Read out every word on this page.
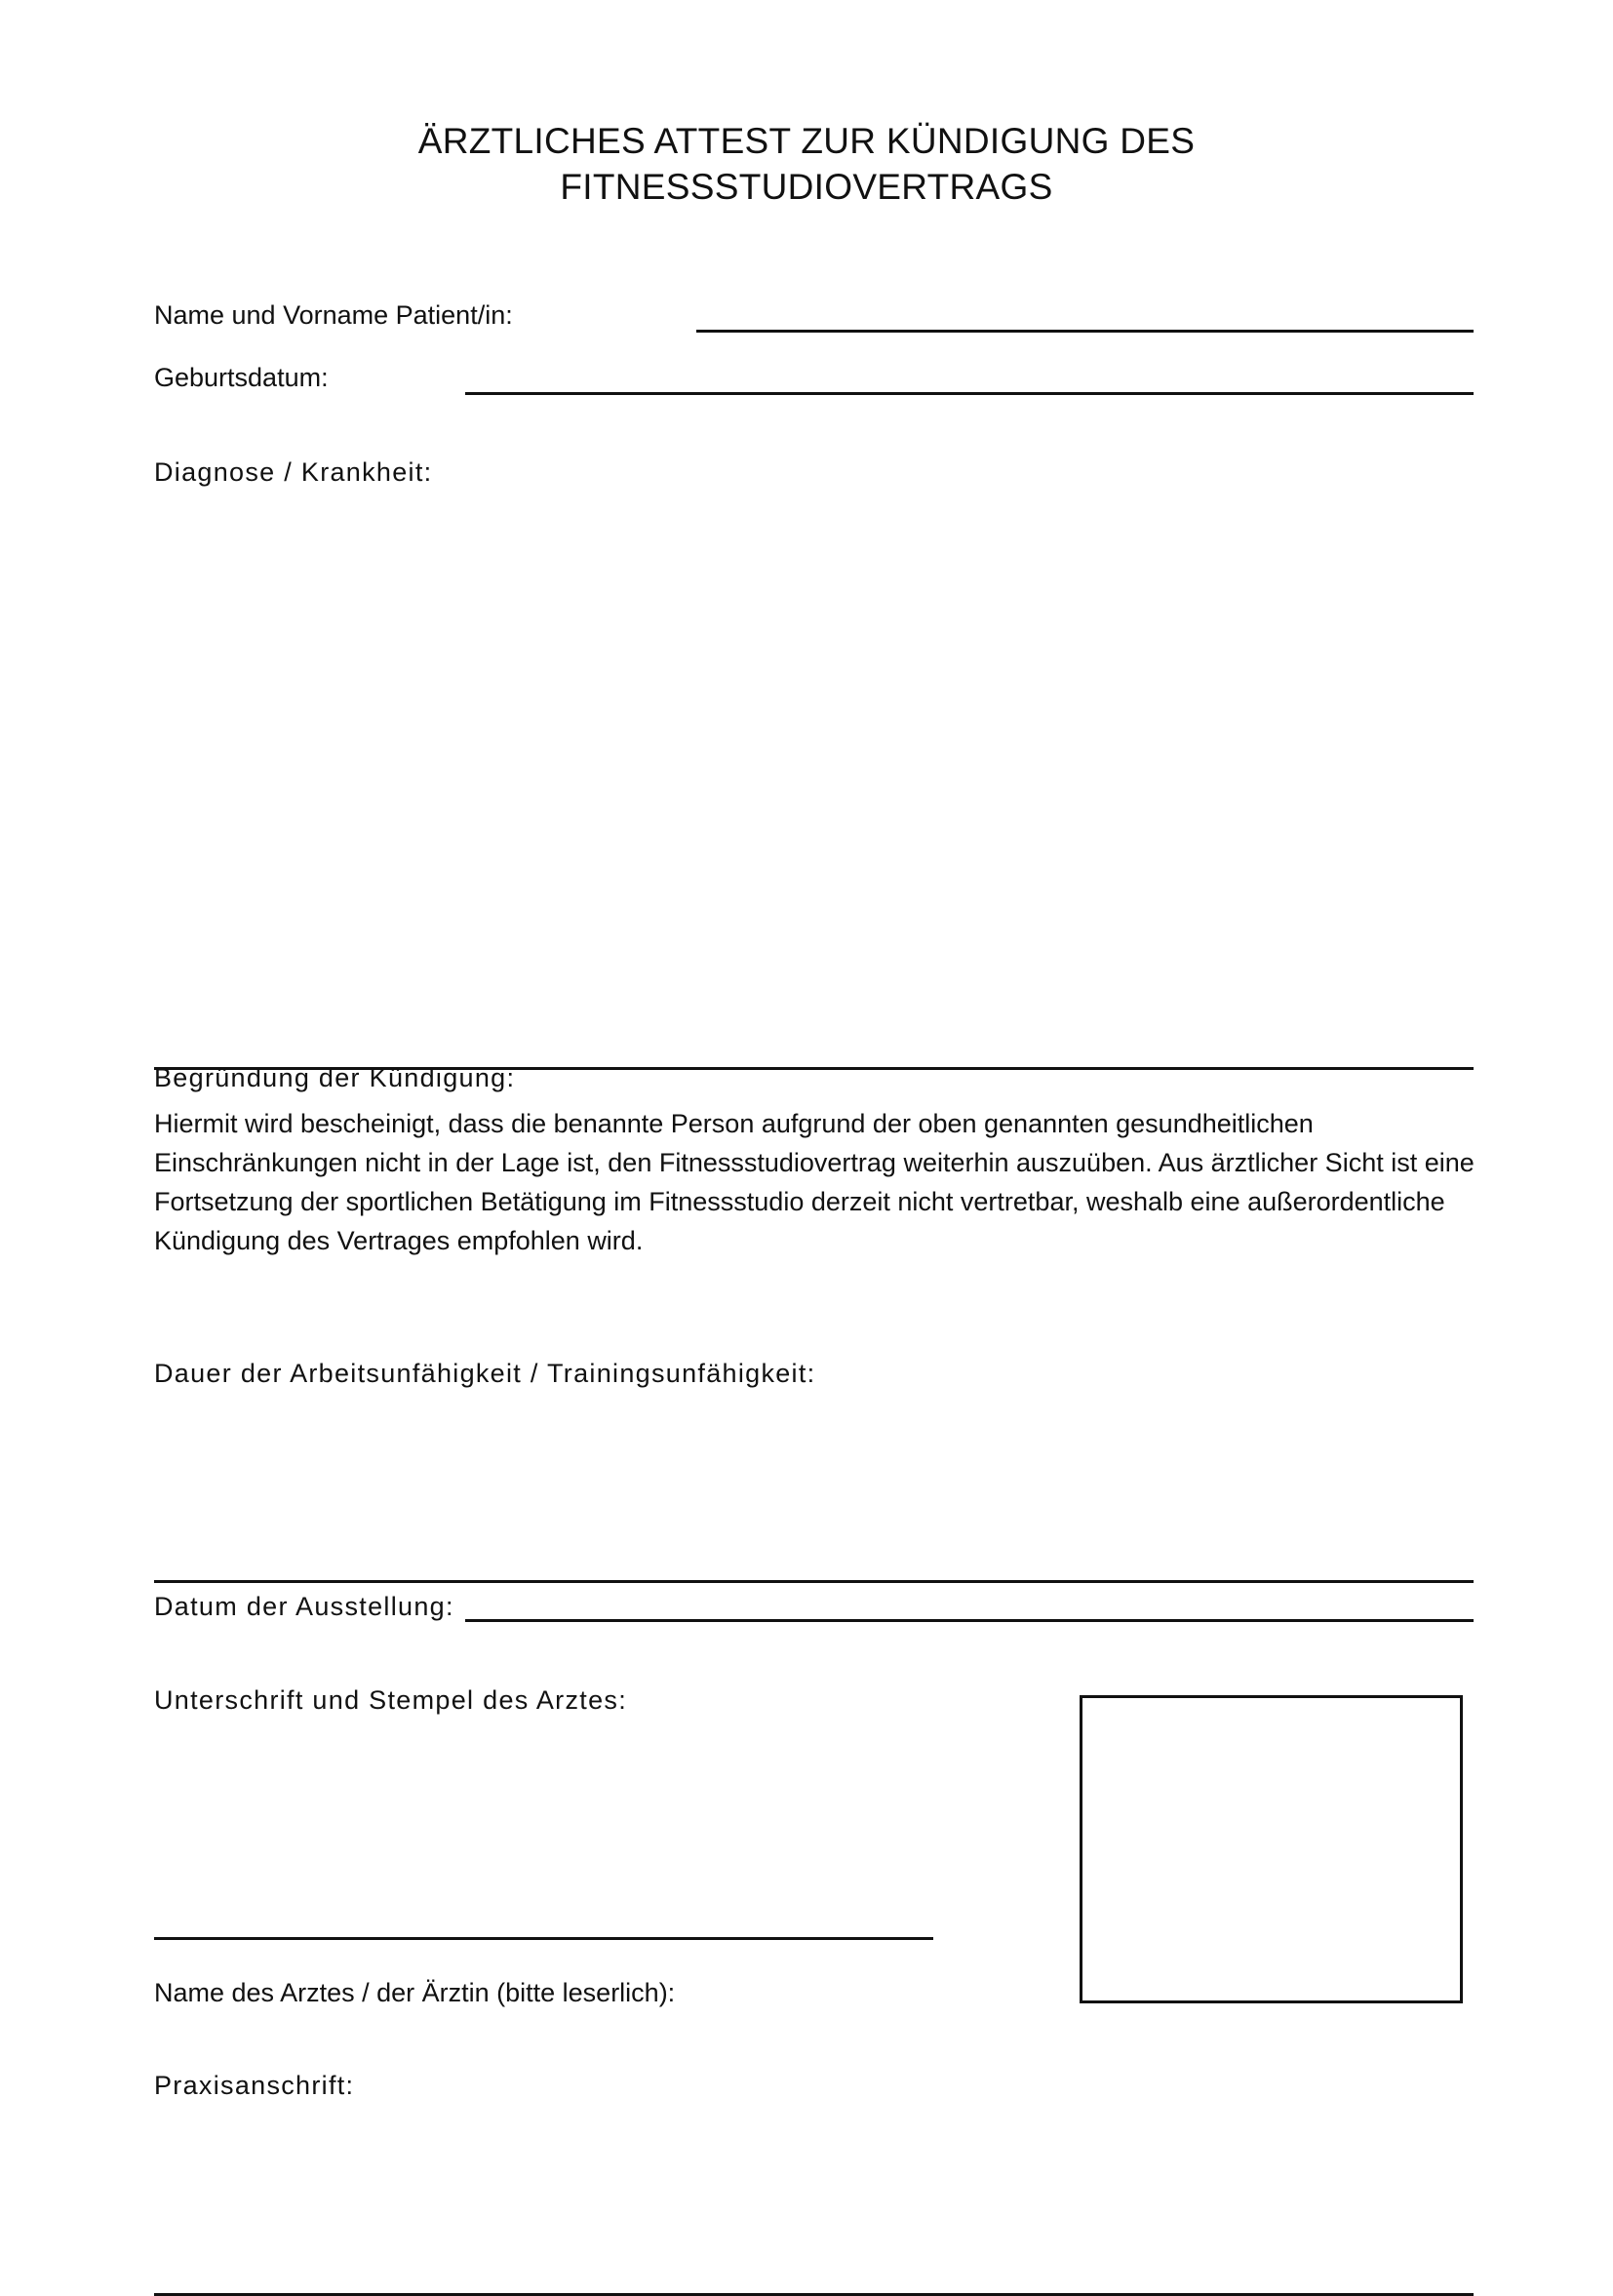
ÄRZTLICHES ATTEST ZUR KÜNDIGUNG DES
FITNESSSTUDIOVERTRAGS
Name und Vorname Patient/in:
Geburtsdatum:
Diagnose / Krankheit:
Begründung der Kündigung:
Hiermit wird bescheinigt, dass die benannte Person aufgrund der oben genannten gesundheitlichen Einschränkungen nicht in der Lage ist, den Fitnessstudiovertrag weiterhin auszuüben. Aus ärztlicher Sicht ist eine Fortsetzung der sportlichen Betätigung im Fitnessstudio derzeit nicht vertretbar, weshalb eine außerordentliche Kündigung des Vertrages empfohlen wird.
Dauer der Arbeitsunfähigkeit / Trainingsunfähigkeit:
Datum der Ausstellung:
Unterschrift und Stempel des Arztes:
Name des Arztes / der Ärztin (bitte leserlich):
Praxisanschrift:
